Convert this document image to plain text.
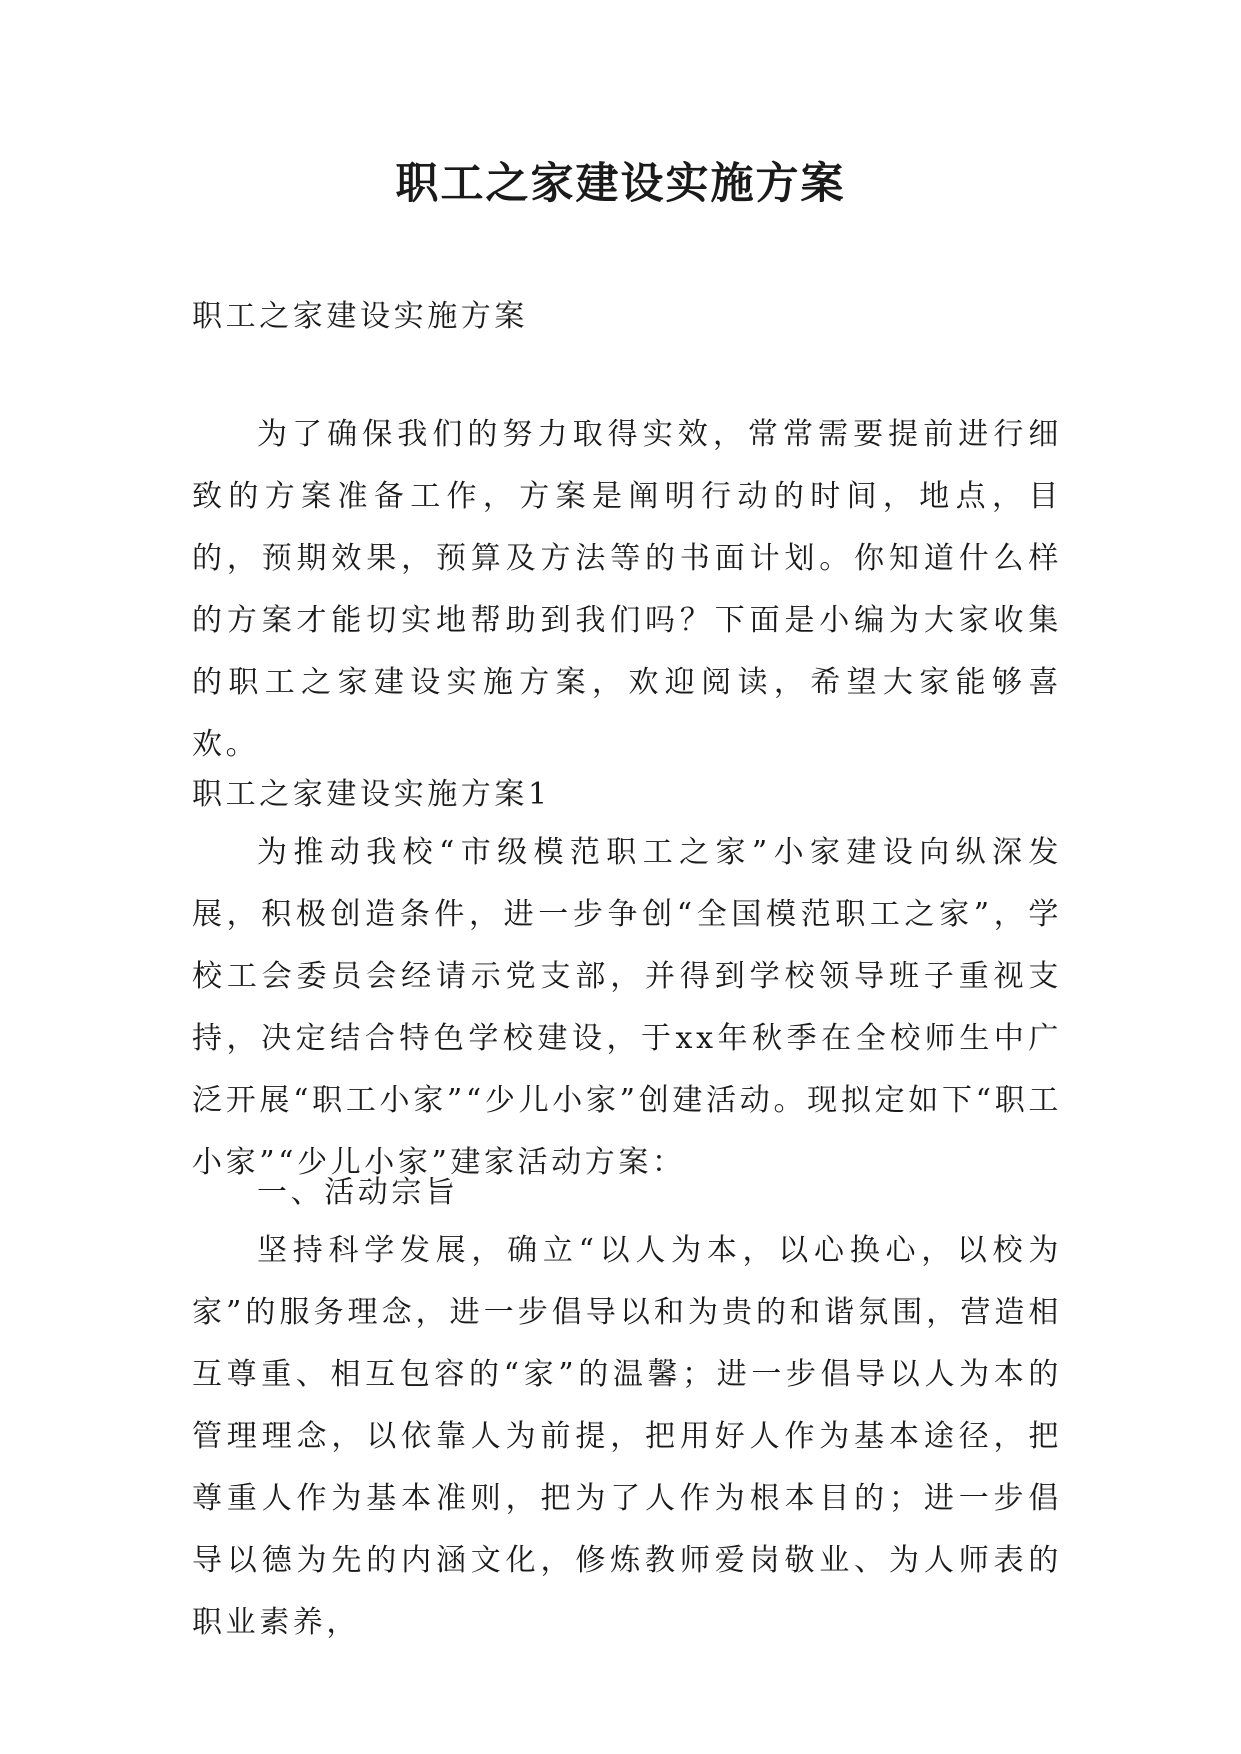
职工之家建设实施方案

职工之家建设实施方案

为了确保我们的努力取得实效，常常需要提前进行细致的方案准备工作，方案是阐明行动的时间，地点，目的，预期效果，预算及方法等的书面计划。你知道什么样的方案才能切实地帮助到我们吗？下面是小编为大家收集的职工之家建设实施方案，欢迎阅读，希望大家能够喜欢。

职工之家建设实施方案1

为推动我校“市级模范职工之家”小家建设向纵深发展，积极创造条件，进一步争创“全国模范职工之家”，学校工会委员会经请示党支部，并得到学校领导班子重视支持，决定结合特色学校建设，于xx年秋季在全校师生中广泛开展“职工小家”“少儿小家”创建活动。现拟定如下“职工小家”“少儿小家”建家活动方案：

一、活动宗旨

坚持科学发展，确立“以人为本，以心换心，以校为家”的服务理念，进一步倡导以和为贵的和谐氛围，营造相互尊重、相互包容的“家”的温馨；进一步倡导以人为本的管理理念，以依靠人为前提，把用好人作为基本途径，把尊重人作为基本准则，把为了人作为根本目的；进一步倡导以德为先的内涵文化，修炼教师爱岗敬业、为人师表的职业素养，
